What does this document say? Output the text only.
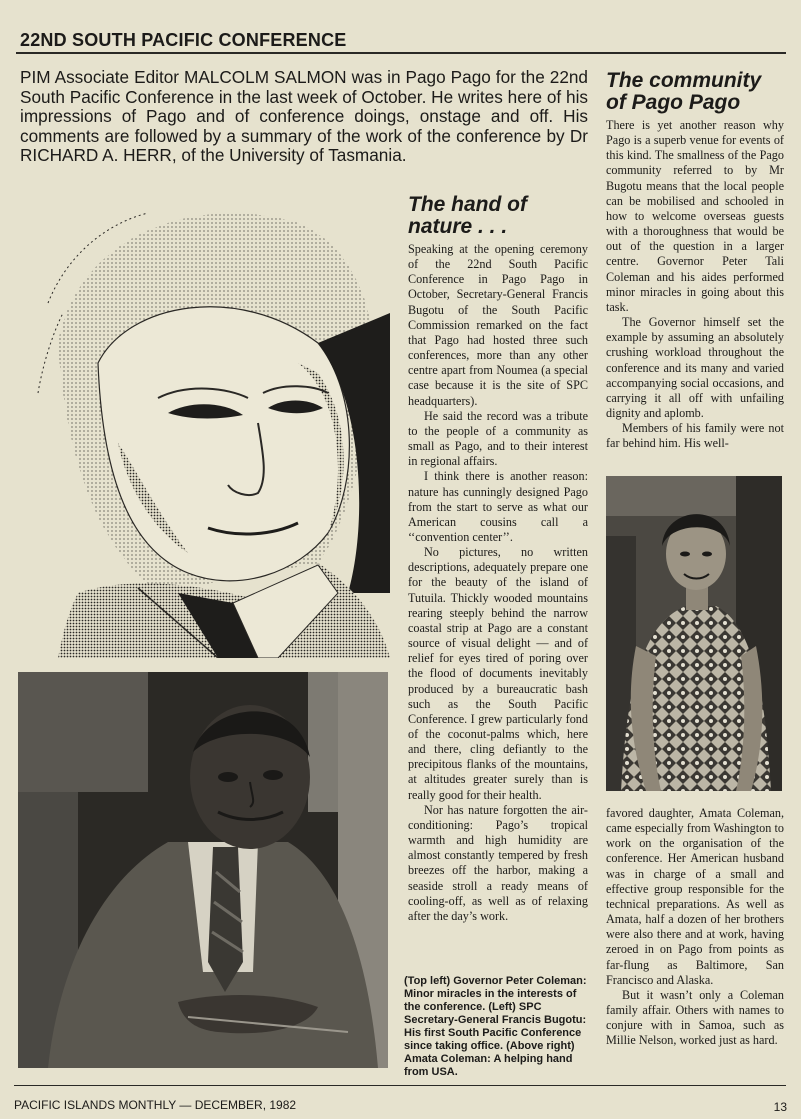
22ND SOUTH PACIFIC CONFERENCE

PIM Associate Editor MALCOLM SALMON was in Pago Pago for the 22nd South Pacific Conference in the last week of October. He writes here of his impressions of Pago and of conference doings, onstage and off. His comments are followed by a summary of the work of the conference by Dr RICHARD A. HERR, of the University of Tasmania.

The hand of nature . . .

Speaking at the opening ceremony of the 22nd South Pacific Conference in Pago Pago in October, Secretary-General Francis Bugotu of the South Pacific Commission remarked on the fact that Pago had hosted three such conferences, more than any other centre apart from Noumea (a special case because it is the site of SPC headquarters).

He said the record was a tribute to the people of a community as small as Pago, and to their interest in regional affairs.

I think there is another reason: nature has cunningly designed Pago from the start to serve as what our American cousins call a ‘‘convention center’’.

No pictures, no written descriptions, adequately prepare one for the beauty of the island of Tutuila. Thickly wooded mountains rearing steeply behind the narrow coastal strip at Pago are a constant source of visual delight — and of relief for eyes tired of poring over the flood of documents inevitably produced by a bureaucratic bash such as the South Pacific Conference. I grew particularly fond of the coconut-palms which, here and there, cling defiantly to the precipitous flanks of the mountains, at altitudes greater surely than is really good for their health.

Nor has nature forgotten the air-conditioning: Pago’s tropical warmth and high humidity are almost constantly tempered by fresh breezes off the harbor, making a seaside stroll a ready means of cooling-off, as well as of relaxing after the day’s work.

(Top left) Governor Peter Coleman: Minor miracles in the interests of the conference. (Left) SPC Secretary-General Francis Bugotu: His first South Pacific Conference since taking office. (Above right) Amata Coleman: A helping hand from USA.
The community of Pago Pago

There is yet another reason why Pago is a superb venue for events of this kind. The smallness of the Pago community referred to by Mr Bugotu means that the local people can be mobilised and schooled in how to welcome overseas guests with a thoroughness that would be out of the question in a larger centre. Governor Peter Tali Coleman and his aides performed minor miracles in going about this task.

The Governor himself set the example by assuming an absolutely crushing workload throughout the conference and its many and varied accompanying social occasions, and carrying it all off with unfailing dignity and aplomb.

Members of his family were not far behind him. His well-

favored daughter, Amata Coleman, came especially from Washington to work on the organisation of the conference. Her American husband was in charge of a small and effective group responsible for the technical preparations. As well as Amata, half a dozen of her brothers were also there and at work, having zeroed in on Pago from points as far-flung as Baltimore, San Francisco and Alaska.

But it wasn’t only a Coleman family affair. Others with names to conjure with in Samoa, such as Millie Nelson, worked just as hard.

PACIFIC ISLANDS MONTHLY — DECEMBER, 1982	13
